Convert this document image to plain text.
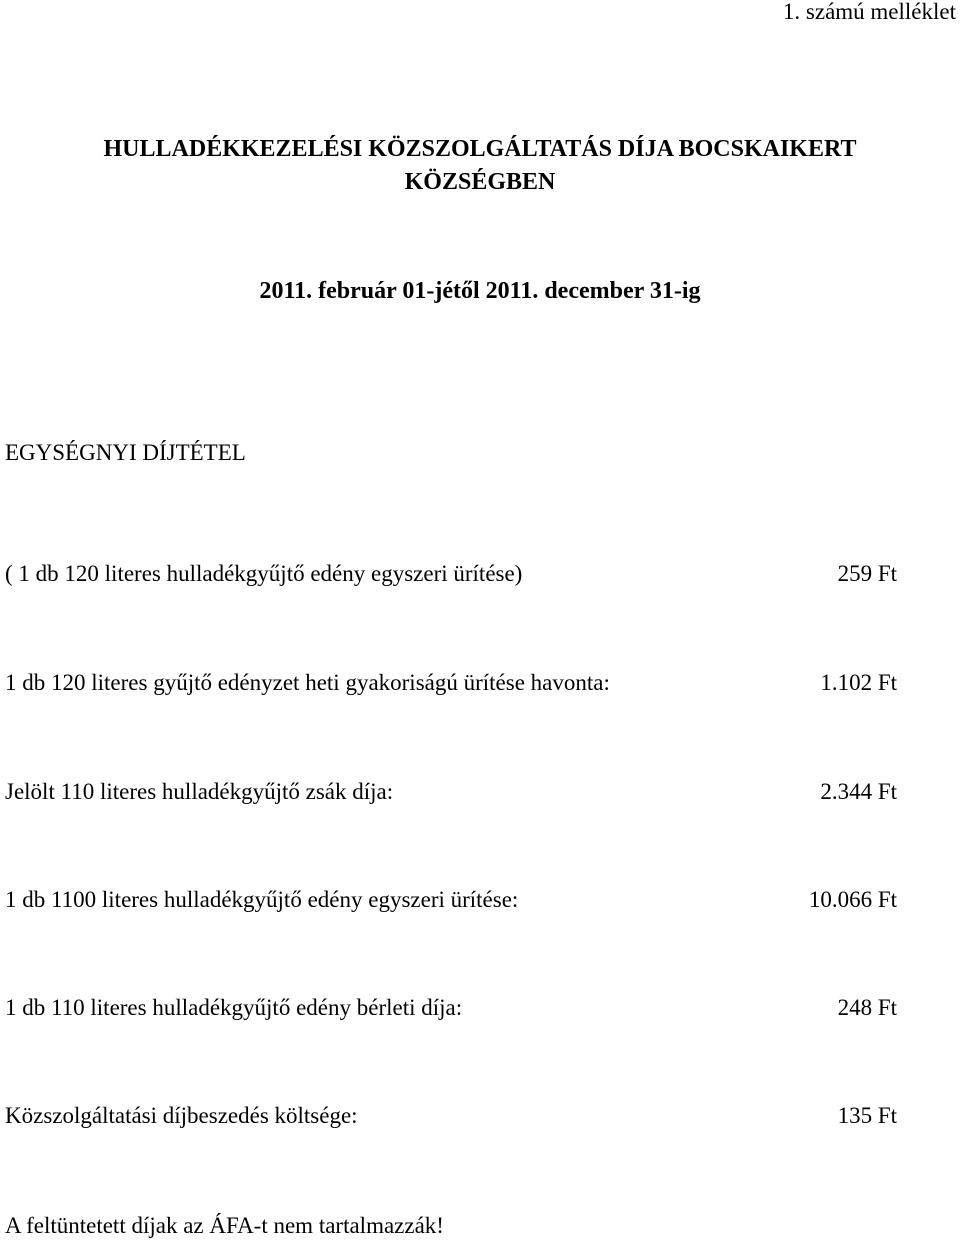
1. számú melléklet

HULLADÉKKEZELÉSI KÖZSZOLGÁLTATÁS DÍJA BOCSKAIKERT
KÖZSÉGBEN

2011. február 01-jétől 2011. december 31-ig

EGYSÉGNYI DÍJTÉTEL

( 1 db 120 literes hulladékgyűjtő edény egyszeri ürítése)	259 Ft
1 db 120 literes gyűjtő edényzet heti gyakoriságú ürítése havonta:	1.102 Ft
Jelölt 110 literes hulladékgyűjtő zsák díja:	2.344 Ft
1 db 1100 literes hulladékgyűjtő edény egyszeri ürítése:	10.066 Ft
1 db 110 literes hulladékgyűjtő edény bérleti díja:	248 Ft
Közszolgáltatási díjbeszedés költsége:	135 Ft

A feltüntetett díjak az ÁFA-t nem tartalmazzák!
